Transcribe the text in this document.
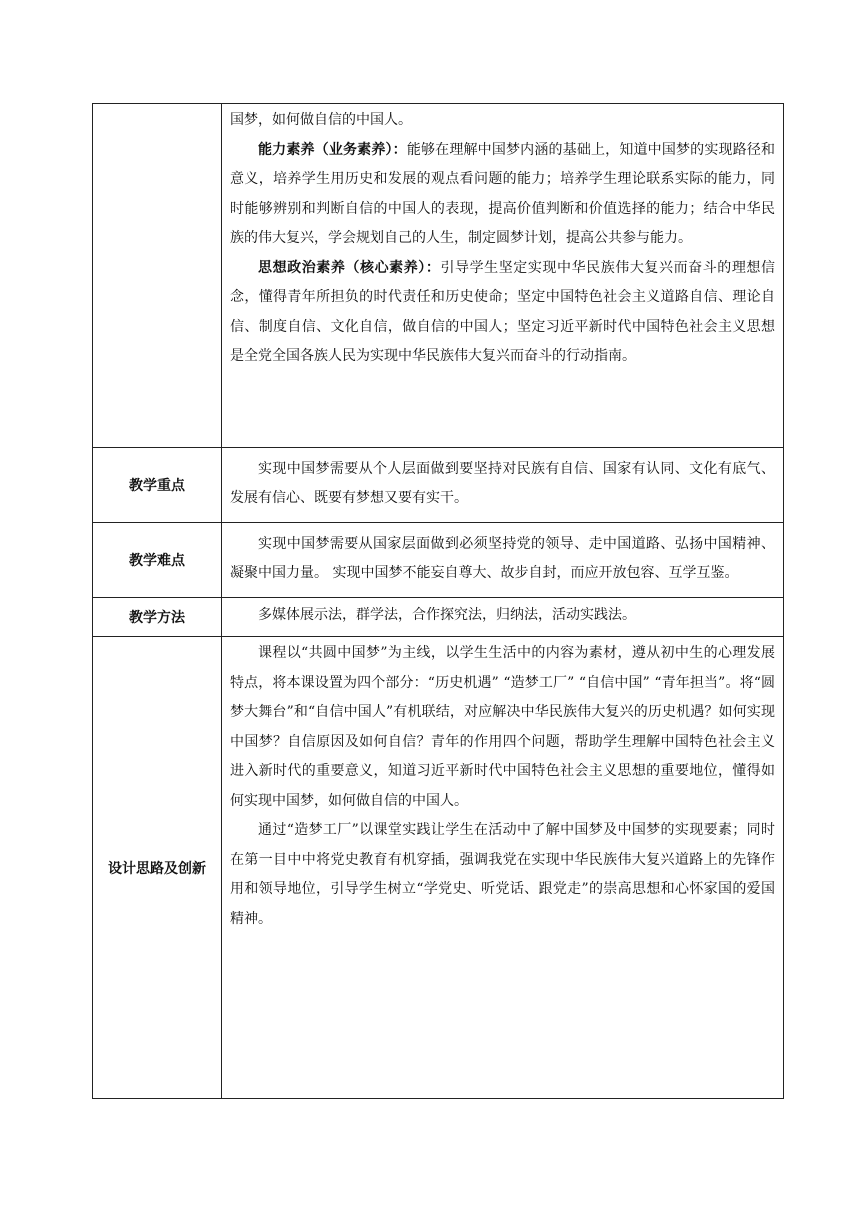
	国梦，如何做自信的中国人。

能力素养（业务素养）：能够在理解中国梦内涵的基础上，知道中国梦的实现路径和意义，培养学生用历史和发展的观点看问题的能力；培养学生理论联系实际的能力，同时能够辨别和判断自信的中国人的表现，提高价值判断和价值选择的能力；结合中华民族的伟大复兴，学会规划自己的人生，制定圆梦计划，提高公共参与能力。

思想政治素养（核心素养）：引导学生坚定实现中华民族伟大复兴而奋斗的理想信念，懂得青年所担负的时代责任和历史使命；坚定中国特色社会主义道路自信、理论自信、制度自信、文化自信，做自信的中国人；坚定习近平新时代中国特色社会主义思想是全党全国各族人民为实现中华民族伟大复兴而奋斗的行动指南。

教学重点	实现中国梦需要从个人层面做到要坚持对民族有自信、国家有认同、文化有底气、发展有信心、既要有梦想又要有实干。

教学难点	实现中国梦需要从国家层面做到必须坚持党的领导、走中国道路、弘扬中国精神、凝聚中国力量。 实现中国梦不能妄自尊大、故步自封，而应开放包容、互学互鉴。

教学方法	多媒体展示法，群学法，合作探究法，归纳法，活动实践法。

设计思路及创新	课程以“共圆中国梦”为主线，以学生生活中的内容为素材，遵从初中生的心理发展特点，将本课设置为四个部分：“历史机遇” “造梦工厂” “自信中国” “青年担当”。将“圆梦大舞台”和“自信中国人”有机联结，对应解决中华民族伟大复兴的历史机遇？如何实现中国梦？自信原因及如何自信？青年的作用四个问题，帮助学生理解中国特色社会主义进入新时代的重要意义，知道习近平新时代中国特色社会主义思想的重要地位，懂得如何实现中国梦，如何做自信的中国人。

通过“造梦工厂”以课堂实践让学生在活动中了解中国梦及中国梦的实现要素；同时在第一目中中将党史教育有机穿插，强调我党在实现中华民族伟大复兴道路上的先锋作用和领导地位，引导学生树立“学党史、听党话、跟党走”的崇高思想和心怀家国的爱国精神。
